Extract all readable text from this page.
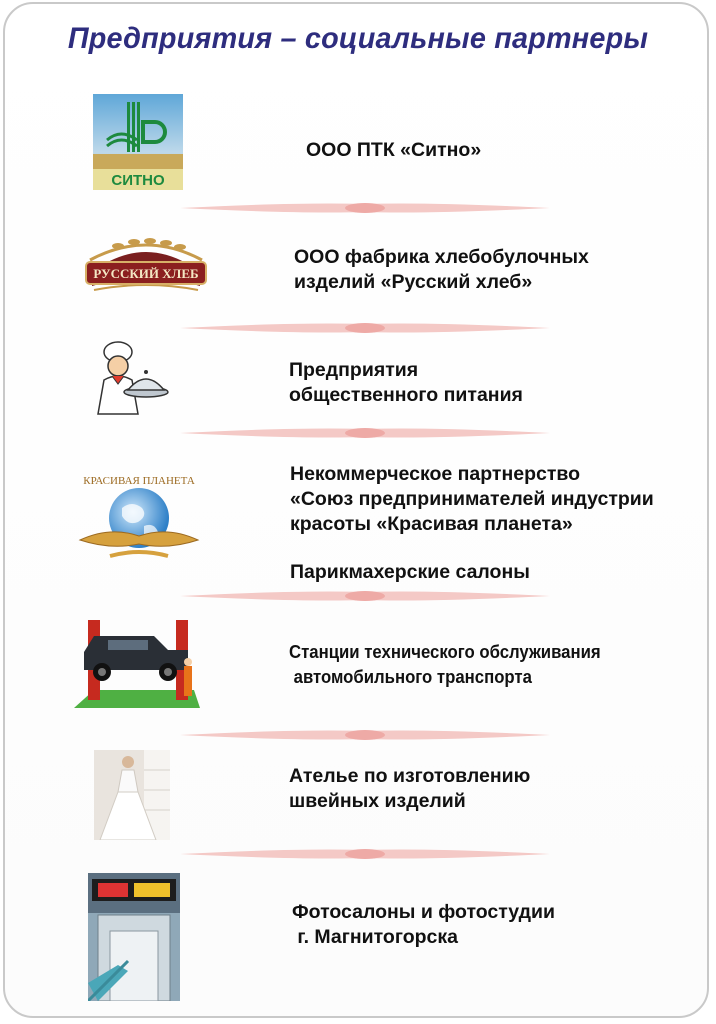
Предприятия – социальные партнеры
СИТНО
ООО ПТК «Ситно»
РУССКИЙ ХЛЕБ
ООО фабрика хлебобулочных
изделий «Русский хлеб»
Предприятия
общественного питания
КРАСИВАЯ ПЛАНЕТА	Некоммерческое партнерство
«Союз предпринимателей индустрии
красоты «Красивая планета»
Парикмахерские салоны
Станции технического обслуживания
автомобильного транспорта
Ателье по изготовлению
швейных изделий
Фотосалоны и фотостудии
г. Магнитогорска
